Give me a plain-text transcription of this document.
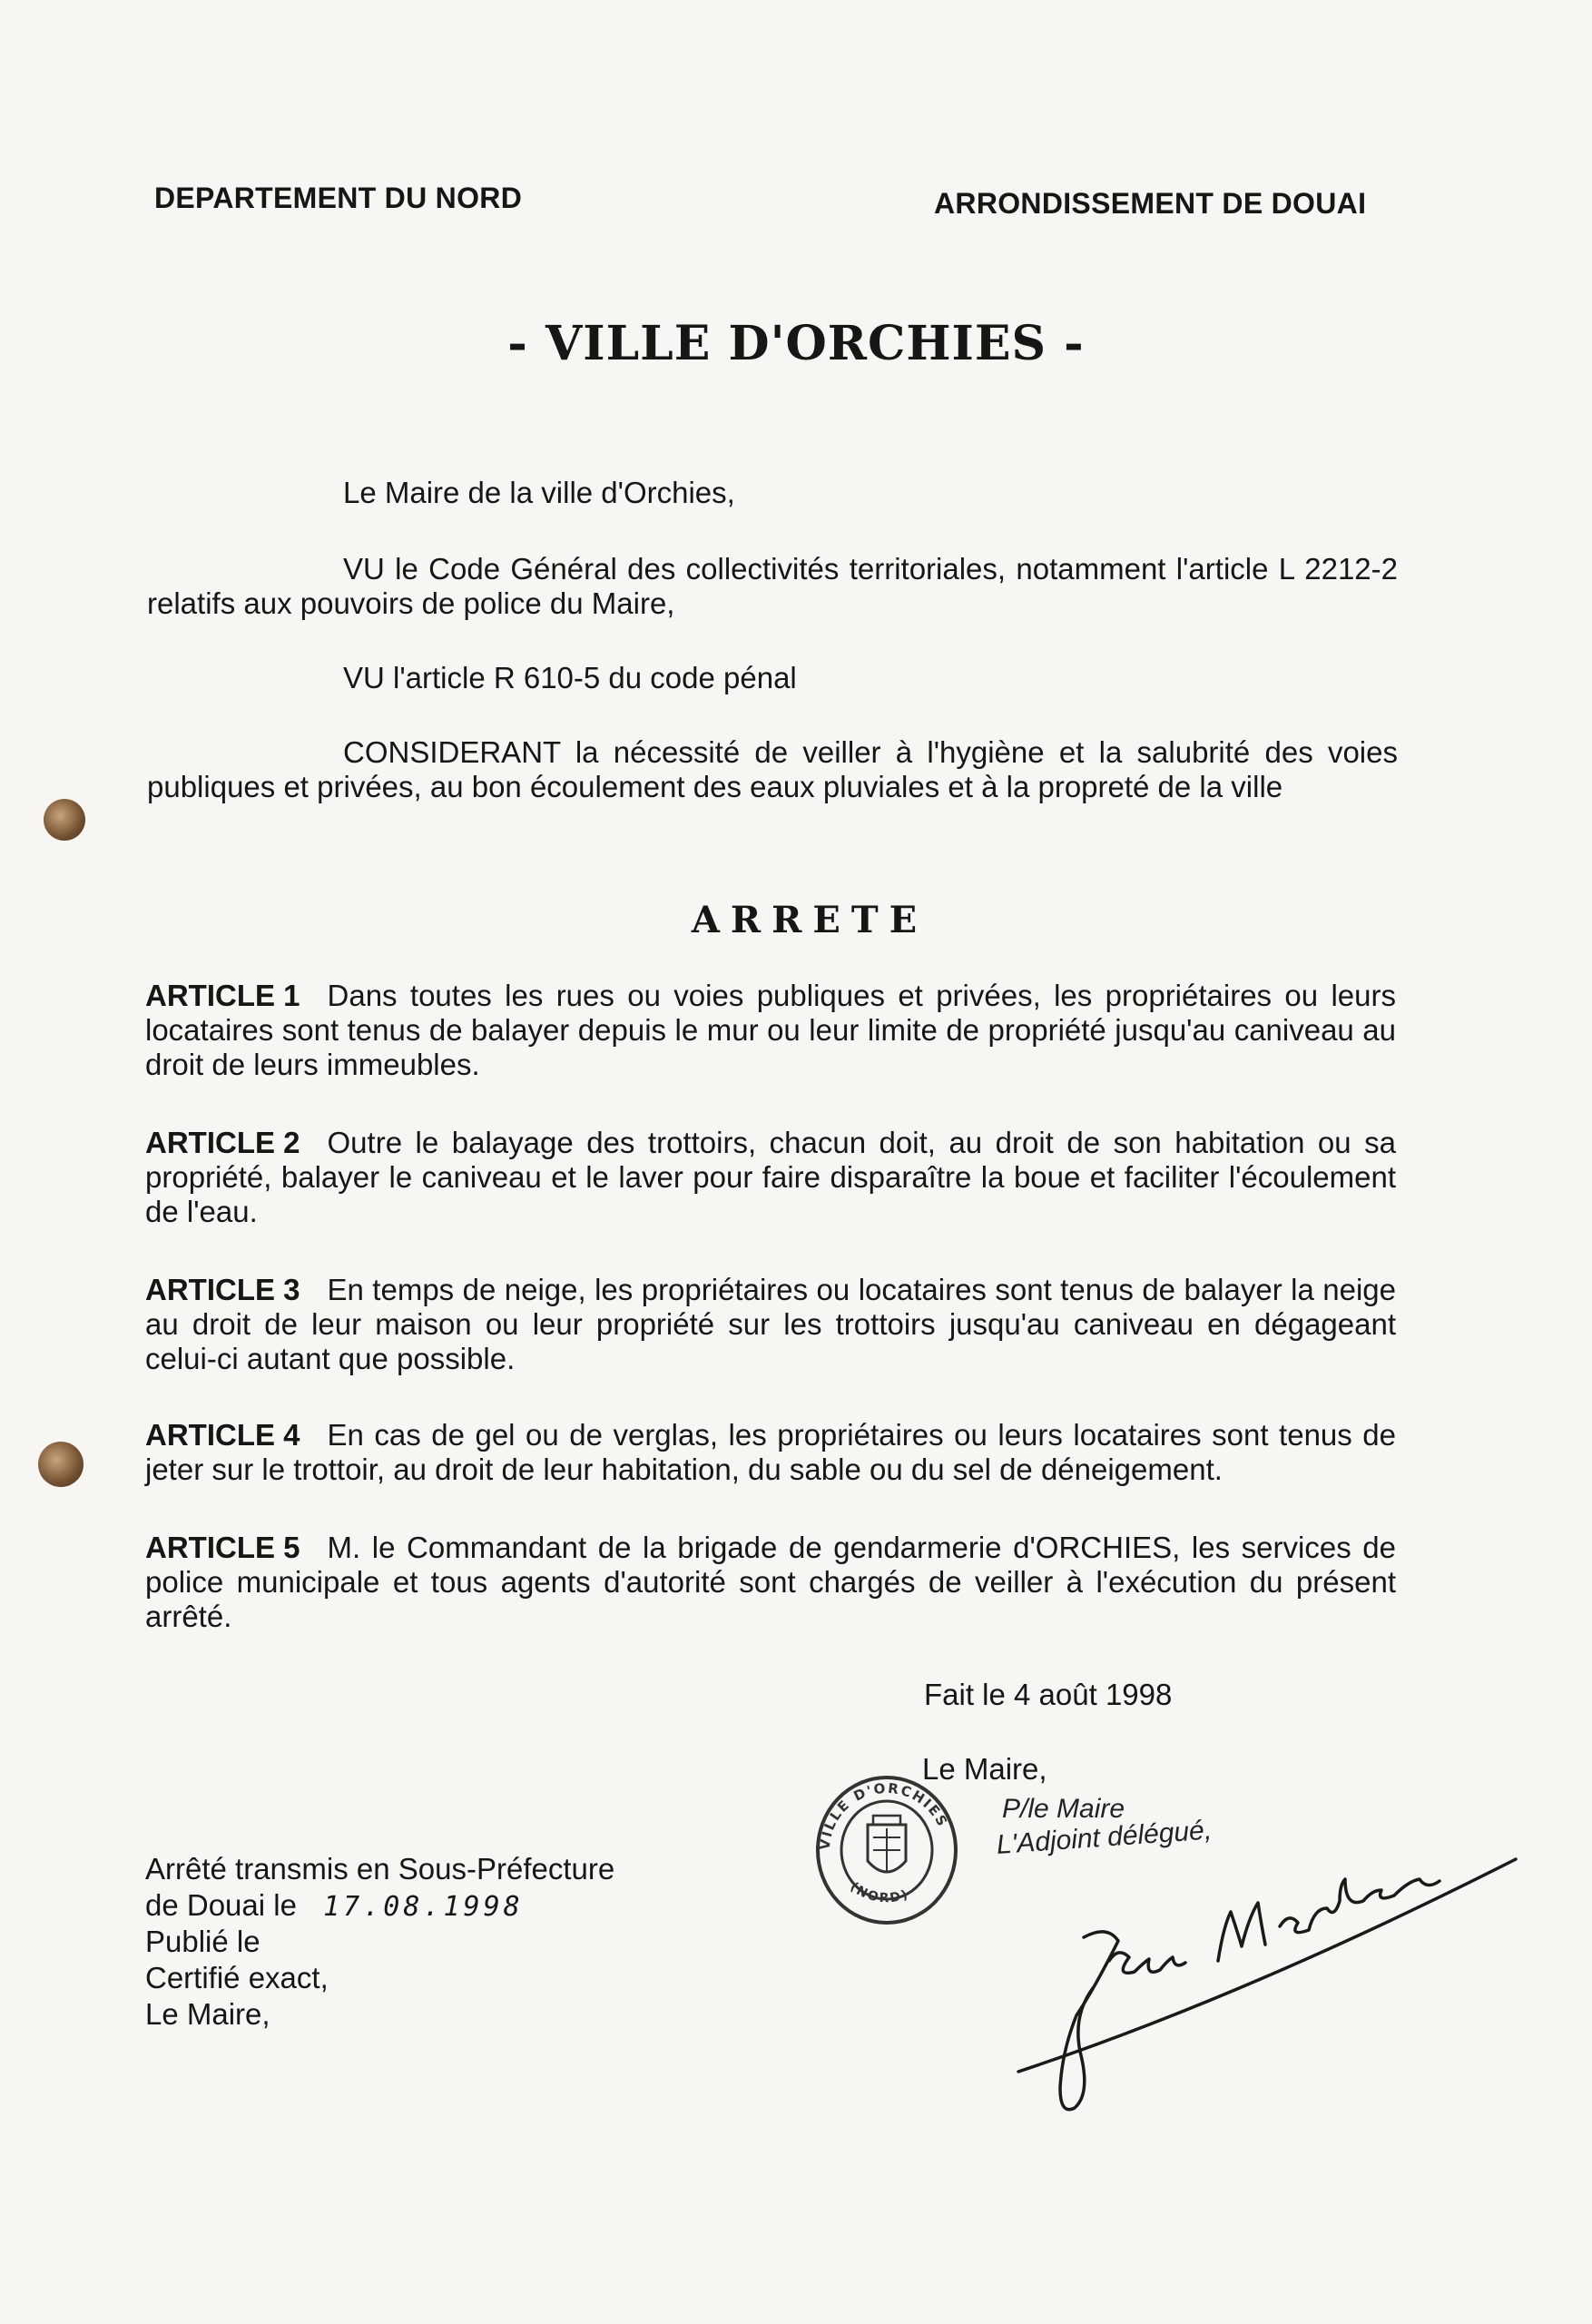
DEPARTEMENT DU NORD	ARRONDISSEMENT DE DOUAI
- VILLE D'ORCHIES -
Le Maire de la ville d'Orchies,
VU le Code Général des collectivités territoriales, notamment l'article L 2212-2 relatifs aux pouvoirs de police du Maire,
VU l'article R 610-5 du code pénal
CONSIDERANT la nécessité de veiller à l'hygiène et la salubrité des voies publiques et privées, au bon écoulement des eaux pluviales et à la propreté de la ville
ARRETE
ARTICLE 1 Dans toutes les rues ou voies publiques et privées, les propriétaires ou leurs locataires sont tenus de balayer depuis le mur ou leur limite de propriété jusqu'au caniveau au droit de leurs immeubles.
ARTICLE 2 Outre le balayage des trottoirs, chacun doit, au droit de son habitation ou sa propriété, balayer le caniveau et le laver pour faire disparaître la boue et faciliter l'écoulement de l'eau.
ARTICLE 3 En temps de neige, les propriétaires ou locataires sont tenus de balayer la neige au droit de leur maison ou leur propriété sur les trottoirs jusqu'au caniveau en dégageant celui-ci autant que possible.
ARTICLE 4 En cas de gel ou de verglas, les propriétaires ou leurs locataires sont tenus de jeter sur le trottoir, au droit de leur habitation, du sable ou du sel de déneigement.
ARTICLE 5 M. le Commandant de la brigade de gendarmerie d'ORCHIES, les services de police municipale et tous agents d'autorité sont chargés de veiller à l'exécution du présent arrêté.
Fait le 4 août 1998
Le Maire,
VILLE D'ORCHIES
(NORD)
P/le Maire
L'Adjoint délégué,
Arrêté transmis en Sous-Préfecture
de Douai le 17.08.1998
Publié le
Certifié exact,
Le Maire,
